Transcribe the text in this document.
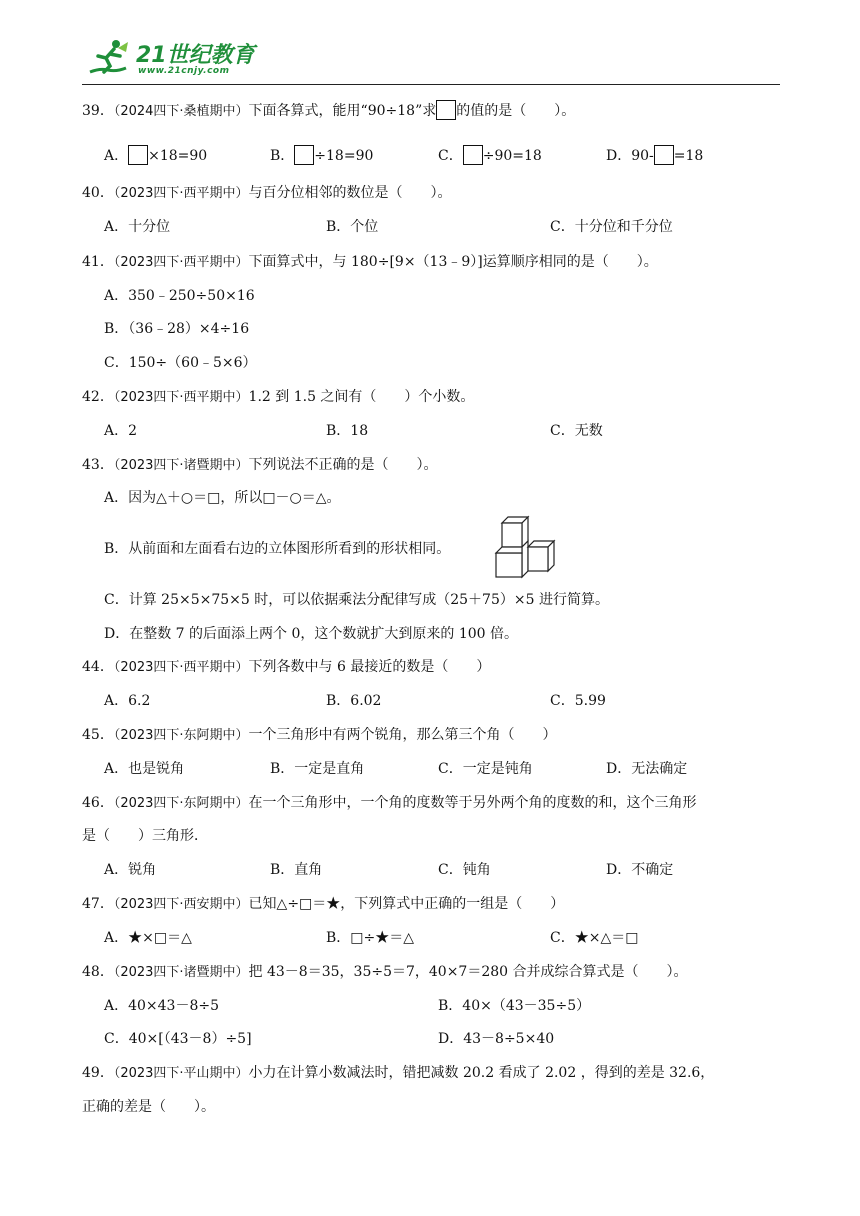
21世纪教育
www.21cnjy.com
39．（2024四下·桑植期中）下面各算式，能用“90÷18”求 的值的是（　　）。
A． ×18=90	B． ÷18=90	C． ÷90=18	D．90- =18
40．（2023四下·西平期中）与百分位相邻的数位是（　　）。
A．十分位	B．个位	C．十分位和千分位
41．（2023四下·西平期中）下面算式中，与 180÷[9×（13﹣9）]运算顺序相同的是（　　）。
A．350﹣250÷50×16
B．（36﹣28）×4÷16
C．150÷（60﹣5×6）
42．（2023四下·西平期中）1.2 到 1.5 之间有（　　）个小数。
A．2	B．18	C．无数
43．（2023四下·诸暨期中）下列说法不正确的是（　　）。
A．因为△＋○＝□，所以□－○＝△。
B．从前面和左面看右边的立体图形所看到的形状相同。
C．计算 25×5×75×5 时，可以依据乘法分配律写成（25＋75）×5 进行简算。
D．在整数 7 的后面添上两个 0，这个数就扩大到原来的 100 倍。
44．（2023四下·西平期中）下列各数中与 6 最接近的数是（　　）
A．6.2	B．6.02	C．5.99
45．（2023四下·东阿期中）一个三角形中有两个锐角，那么第三个角（　　）
A．也是锐角	B．一定是直角	C．一定是钝角	D．无法确定
46．（2023四下·东阿期中）在一个三角形中，一个角的度数等于另外两个角的度数的和，这个三角形
是（　　）三角形．
A．锐角	B．直角	C．钝角	D．不确定
47．（2023四下·西安期中）已知△÷□＝★，下列算式中正确的一组是（　　）
A．★×□＝△	B．□÷★＝△	C．★×△＝□
48．（2023四下·诸暨期中）把 43－8＝35，35÷5＝7，40×7＝280 合并成综合算式是（　　）。
A．40×43－8÷5	B．40×（43－35÷5）
C．40×[（43－8）÷5]	D．43－8÷5×40
49．（2023四下·平山期中）小力在计算小数减法时，错把减数 20.2 看成了 2.02 ，得到的差是 32.6，
正确的差是（　　）。
